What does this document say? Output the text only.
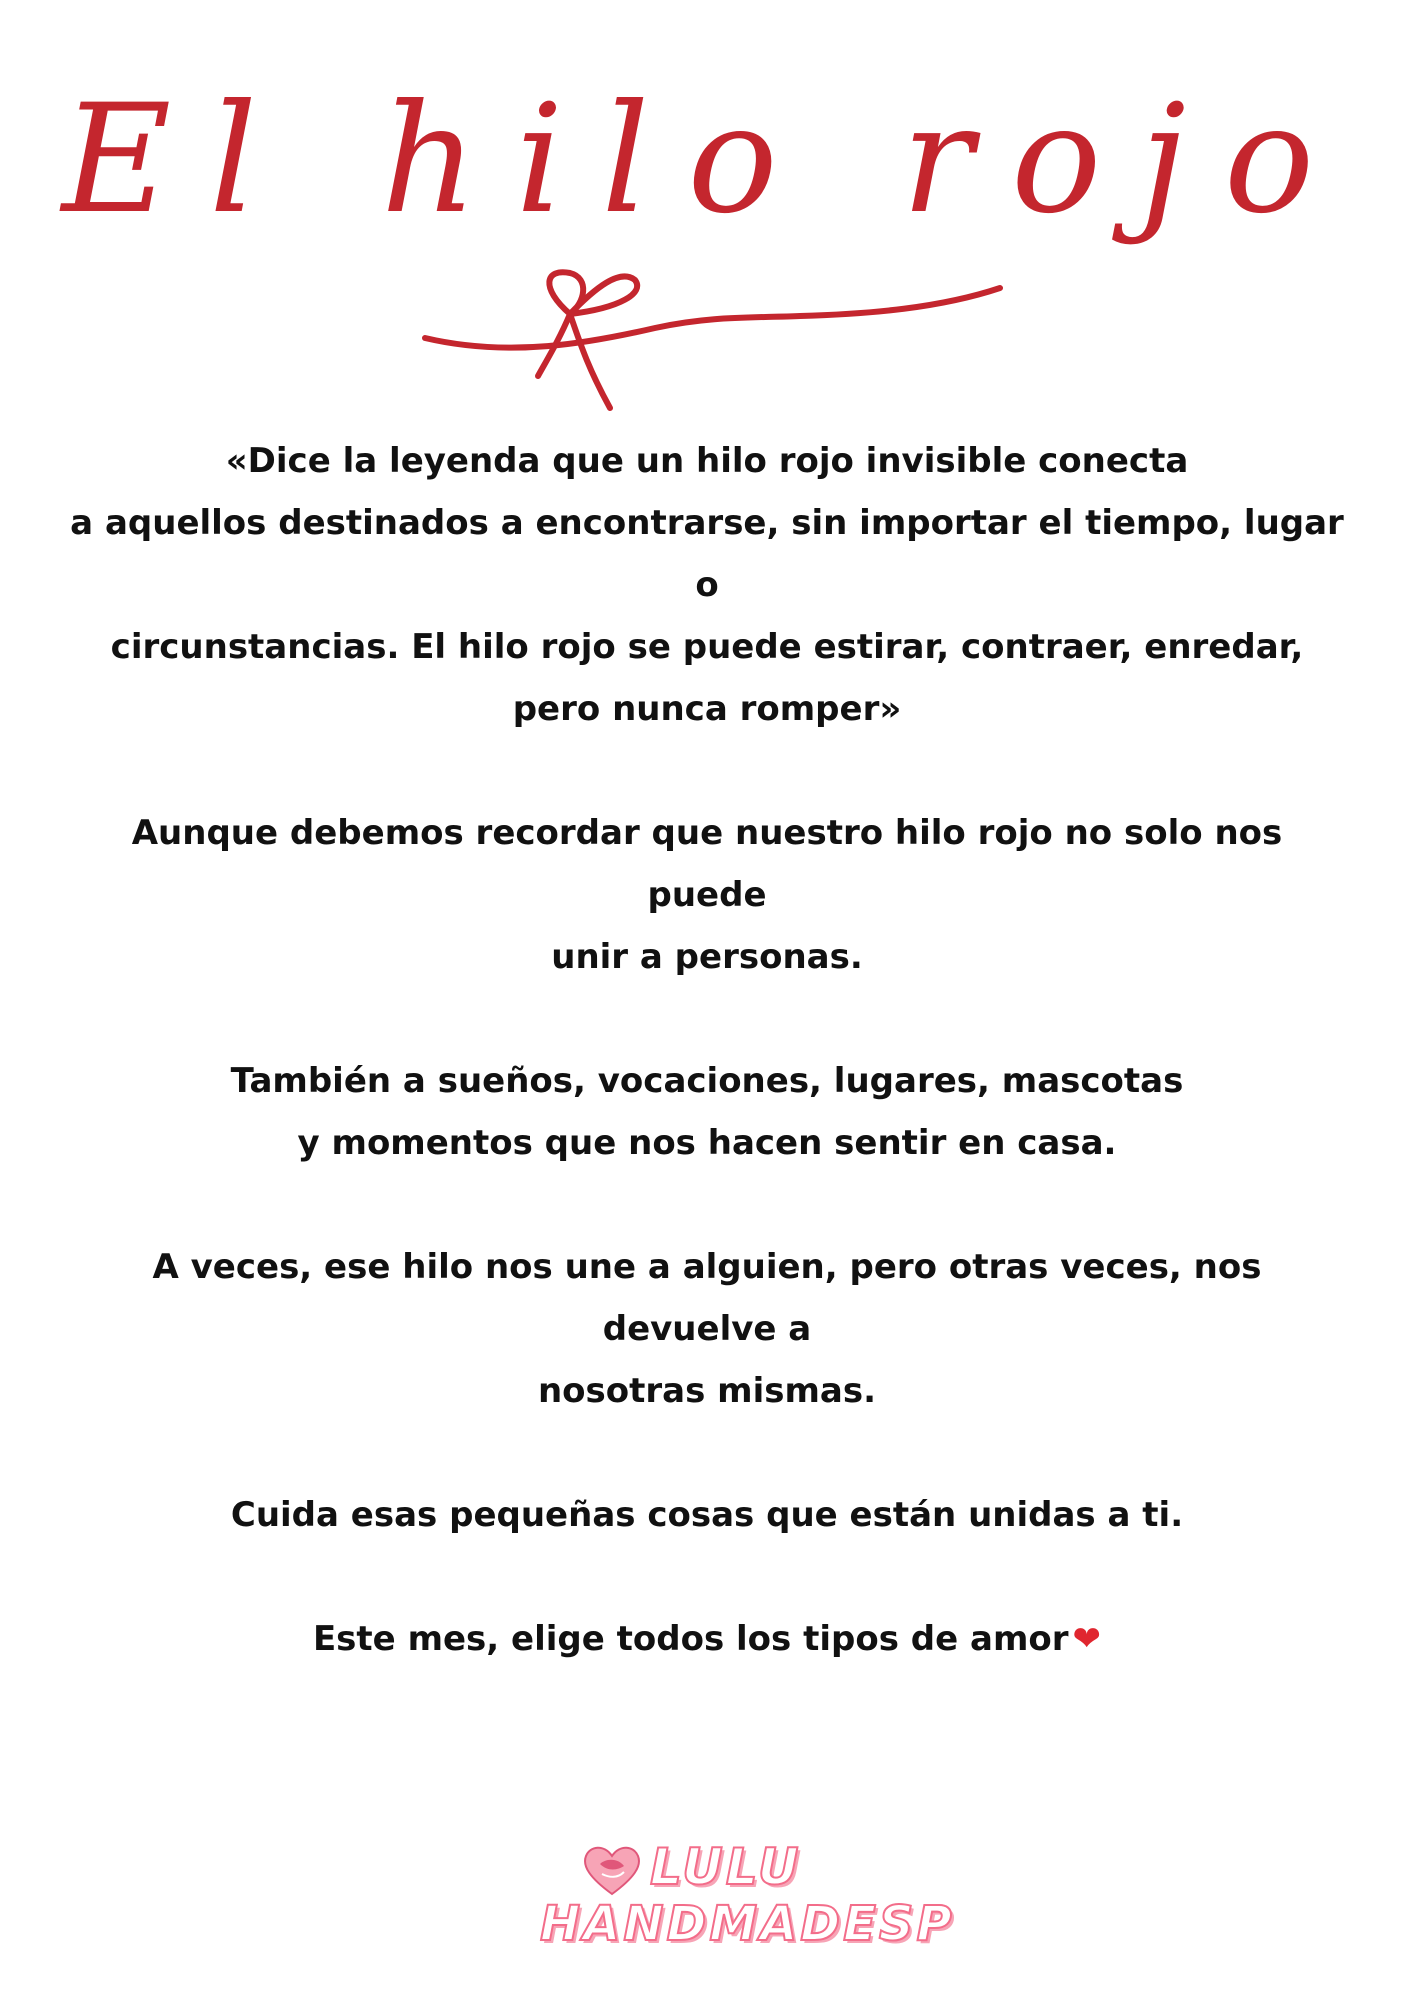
El hilo rojo

«Dice la leyenda que un hilo rojo invisible conecta
a aquellos destinados a encontrarse, sin importar el tiempo, lugar o
circunstancias. El hilo rojo se puede estirar, contraer, enredar,
pero nunca romper»

Aunque debemos recordar que nuestro hilo rojo no solo nos puede
unir a personas.

También a sueños, vocaciones, lugares, mascotas
y momentos que nos hacen sentir en casa.

A veces, ese hilo nos une a alguien, pero otras veces, nos devuelve a
nosotras mismas.

Cuida esas pequeñas cosas que están unidas a ti.

Este mes, elige todos los tipos de amor ❤

LULU
HANDMADESP
